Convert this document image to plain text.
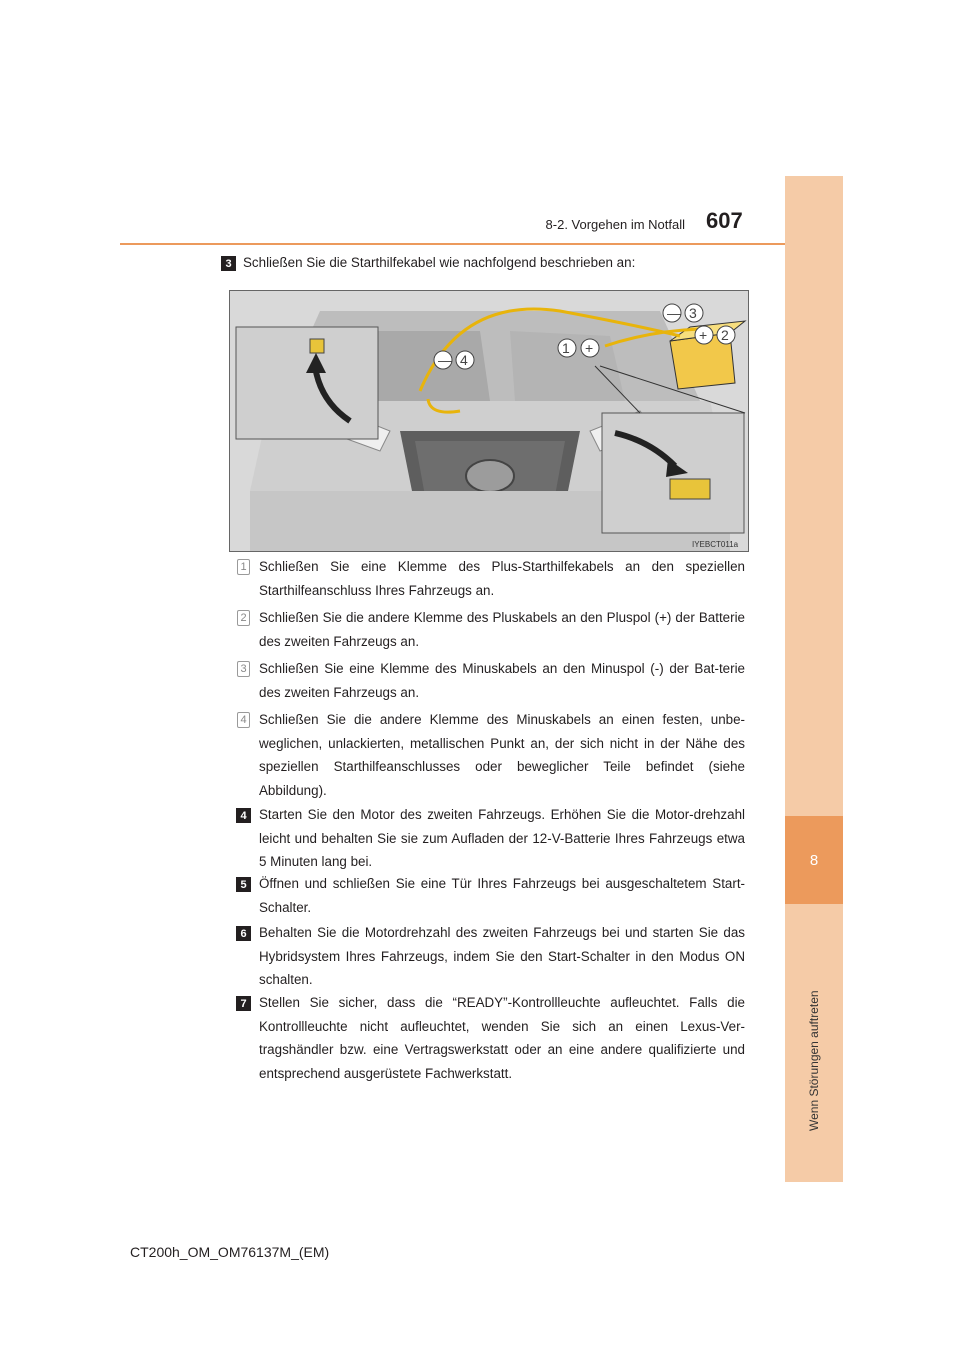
8
Wenn Störungen auftreten
8-2. Vorgehen im Notfall 607
3 Schließen Sie die Starthilfekabel wie nachfolgend beschrieben an:
— 3
+ 2
1 +
— 4
IYEBCT011a
1 Schließen Sie eine Klemme des Plus-Starthilfekabels an den speziellen Starthilfeanschluss Ihres Fahrzeugs an.
2 Schließen Sie die andere Klemme des Pluskabels an den Pluspol (+) der Batterie des zweiten Fahrzeugs an.
3 Schließen Sie eine Klemme des Minuskabels an den Minuspol (-) der Bat-terie des zweiten Fahrzeugs an.
4 Schließen Sie die andere Klemme des Minuskabels an einen festen, unbe-weglichen, unlackierten, metallischen Punkt an, der sich nicht in der Nähe des speziellen Starthilfeanschlusses oder beweglicher Teile befindet (siehe Abbildung).
4 Starten Sie den Motor des zweiten Fahrzeugs. Erhöhen Sie die Motor-drehzahl leicht und behalten Sie sie zum Aufladen der 12-V-Batterie Ihres Fahrzeugs etwa 5 Minuten lang bei.
5 Öffnen und schließen Sie eine Tür Ihres Fahrzeugs bei ausgeschaltetem Start-Schalter.
6 Behalten Sie die Motordrehzahl des zweiten Fahrzeugs bei und starten Sie das Hybridsystem Ihres Fahrzeugs, indem Sie den Start-Schalter in den Modus ON schalten.
7 Stellen Sie sicher, dass die “READY”-Kontrollleuchte aufleuchtet. Falls die Kontrollleuchte nicht aufleuchtet, wenden Sie sich an einen Lexus-Ver-tragshändler bzw. eine Vertragswerkstatt oder an eine andere qualifizierte und entsprechend ausgerüstete Fachwerkstatt.
CT200h_OM_OM76137M_(EM)
